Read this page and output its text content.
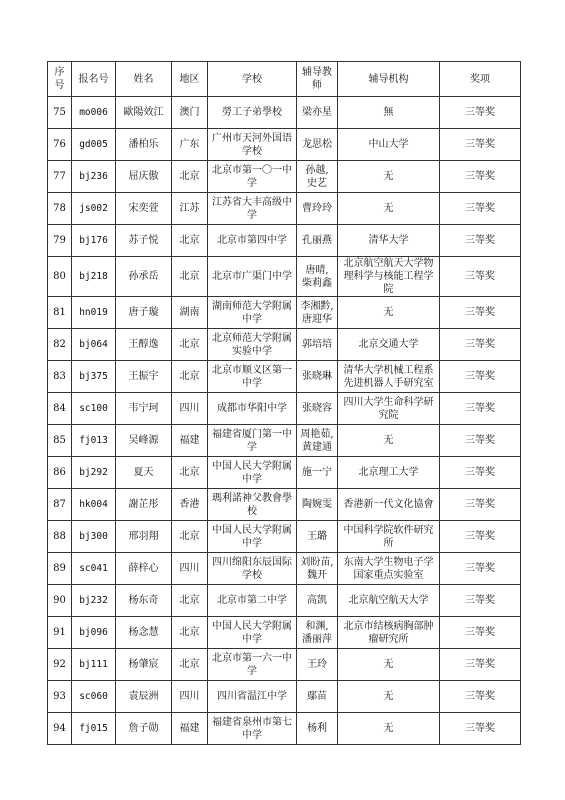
序号	报名号	姓名	地区	学校	辅导教师	辅导机构	奖项
75	mo006	歐陽效江	澳门	勞工子弟學校	梁亦星	無	三等奖
76	gd005	潘柏乐	广东	广州市天河外国语学校	龙思松	中山大学	三等奖
77	bj236	屈庆傲	北京	北京市第一〇一中学	孙越, 史艺	无	三等奖
78	js002	宋奕萱	江苏	江苏省大丰高级中学	曹玲玲	无	三等奖
79	bj176	苏子悦	北京	北京市第四中学	孔丽燕	清华大学	三等奖
80	bj218	孙承岳	北京	北京市广渠门中学	唐晴, 柴莉鑫	北京航空航天大学物理科学与核能工程学院	三等奖
81	hn019	唐子璇	湖南	湖南师范大学附属中学	李湘黔, 唐迎华	无	三等奖
82	bj064	王醇逸	北京	北京师范大学附属实验中学	郭培培	北京交通大学	三等奖
83	bj375	王振宇	北京	北京市顺义区第一中学	张晓琳	清华大学机械工程系先进机器人手研究室	三等奖
84	sc100	韦宁珂	四川	成都市华阳中学	张晓容	四川大学生命科学研究院	三等奖
85	fj013	吴峰源	福建	福建省厦门第一中学	周艳茹, 黄建通	无	三等奖
86	bj292	夏天	北京	中国人民大学附属中学	施一宁	北京理工大学	三等奖
87	hk004	謝芷彤	香港	瑪利諾神父教會學校	陶婉雯	香港新一代文化協會	三等奖
88	bj300	邢羽翔	北京	中国人民大学附属中学	王璐	中国科学院软件研究所	三等奖
89	sc041	薛梓心	四川	四川绵阳东辰国际学校	刘盼苗, 魏开	东南大学生物电子学国家重点实验室	三等奖
90	bj232	杨东奇	北京	北京市第二中学	高凯	北京航空航天大学	三等奖
91	bj096	杨念慧	北京	中国人民大学附属中学	和渊, 潘丽萍	北京市结核病胸部肿瘤研究所	三等奖
92	bj111	杨肇宸	北京	北京市第一六一中学	王玲	无	三等奖
93	sc060	袁辰洲	四川	四川省温江中学	鄢苗	无	三等奖
94	fj015	詹子勋	福建	福建省泉州市第七中学	杨利	无	三等奖
